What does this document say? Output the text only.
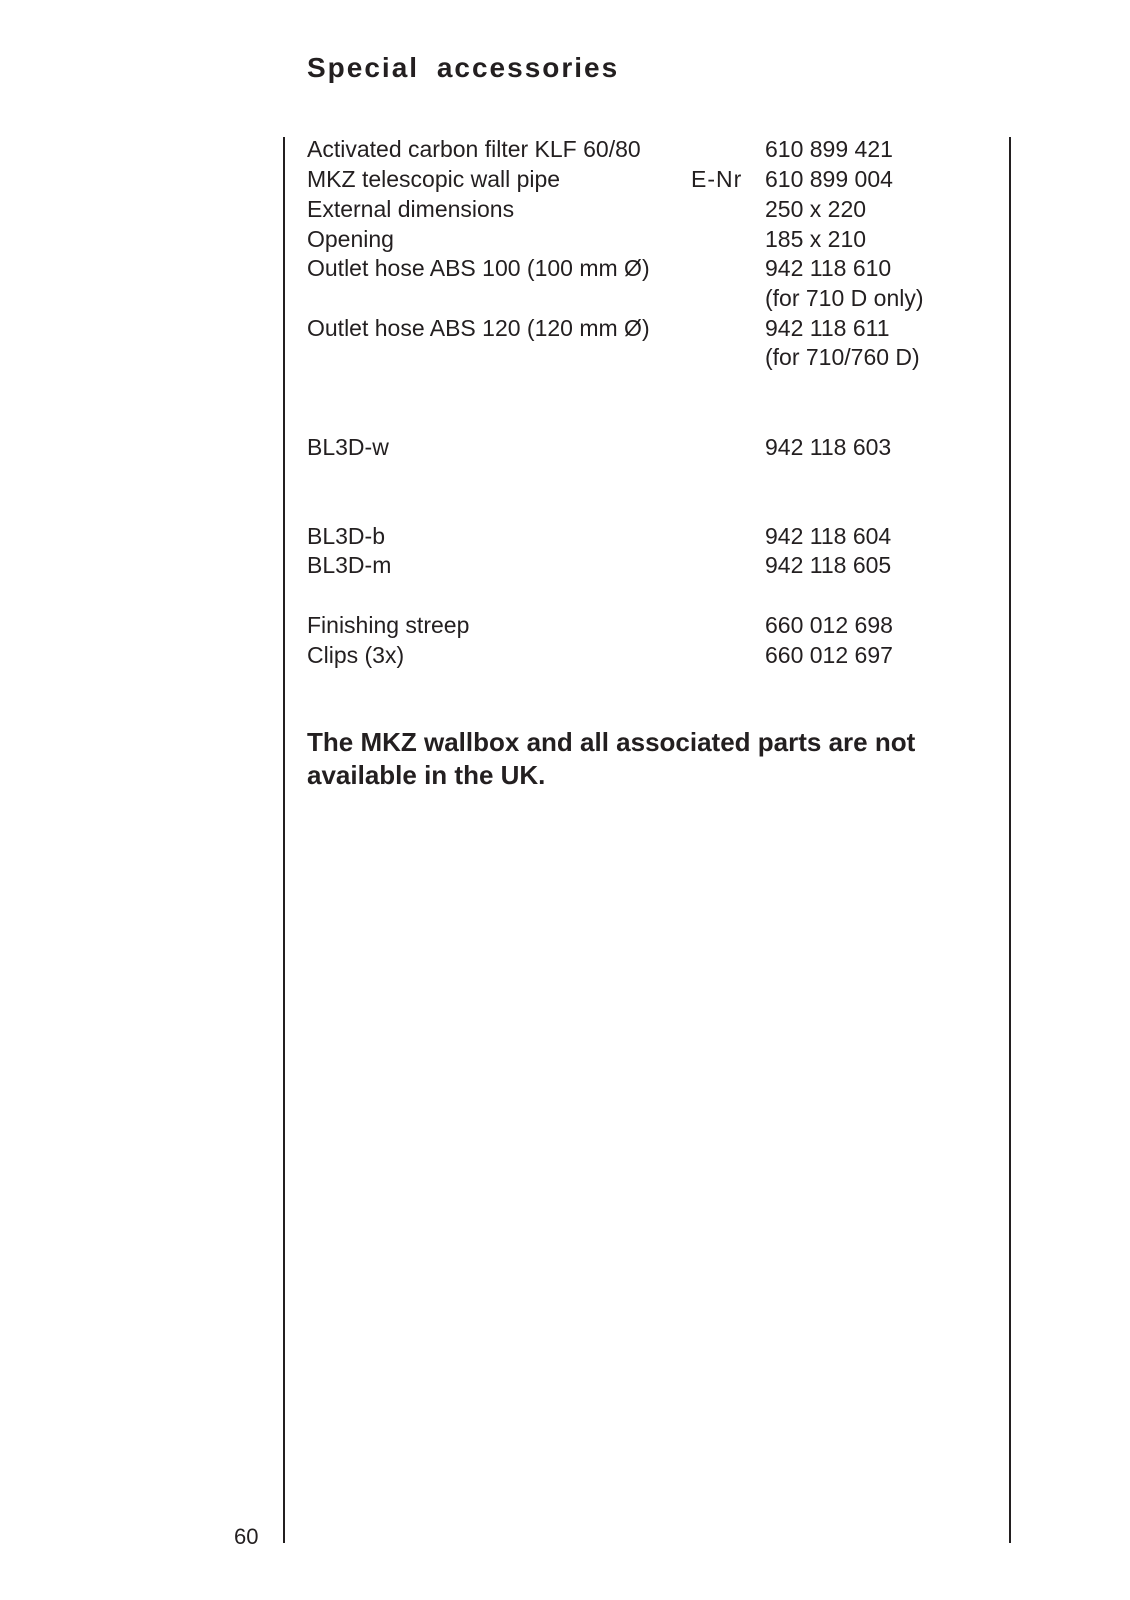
Special accessories
Activated carbon filter KLF 60/80	610 899 421
MKZ telescopic wall pipe	E-Nr 610 899 004
External dimensions	250 x 220
Opening	185 x 210
Outlet hose ABS 100 (100 mm Ø)	942 118 610
(for 710 D only)
Outlet hose ABS 120 (120 mm Ø)	942 118 611
(for 710/760 D)
BL3D-w	942 118 603
BL3D-b	942 118 604
BL3D-m	942 118 605
Finishing streep	660 012 698
Clips (3x)	660 012 697

The MKZ wallbox and all associated parts are not available in the UK.

60
